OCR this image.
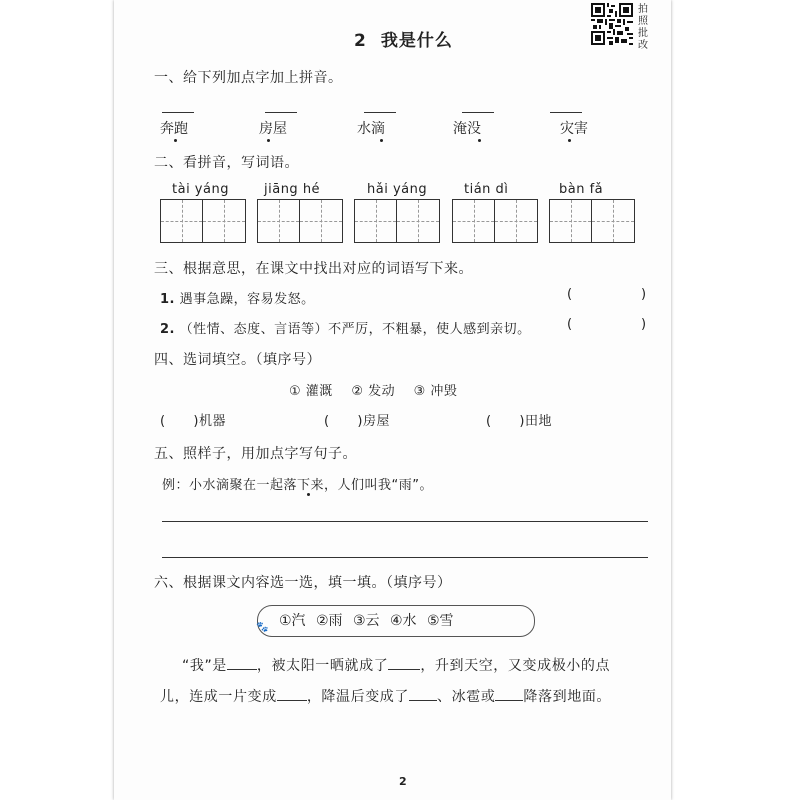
2 我是什么
拍照批改
一、给下列加点字加上拼音。
奔跑	房屋	水滴	淹没	灾害
二、看拼音，写词语。
tài yáng	jiāng hé	hǎi yáng	tián dì	bàn fǎ
三、根据意思，在课文中找出对应的词语写下来。
1. 遇事急躁，容易发怒。	(	)
2. （性情、态度、言语等）不严厉，不粗暴，使人感到亲切。	(	)
四、选词填空。（填序号）
① 灌溉    ② 发动    ③ 冲毁
(      )机器	(      )房屋	(      )田地
五、照样子，用加点字写句子。
例：小水滴聚在一起落下来，人们叫我“雨”。
六、根据课文内容选一选，填一填。（填序号）
🐾 ①汽 ②雨 ③云 ④水 ⑤雪
“我”是 ，被太阳一晒就成了 ，升到天空，又变成极小的点
儿，连成一片变成 ，降温后变成了 、冰雹或 降落到地面。
2
